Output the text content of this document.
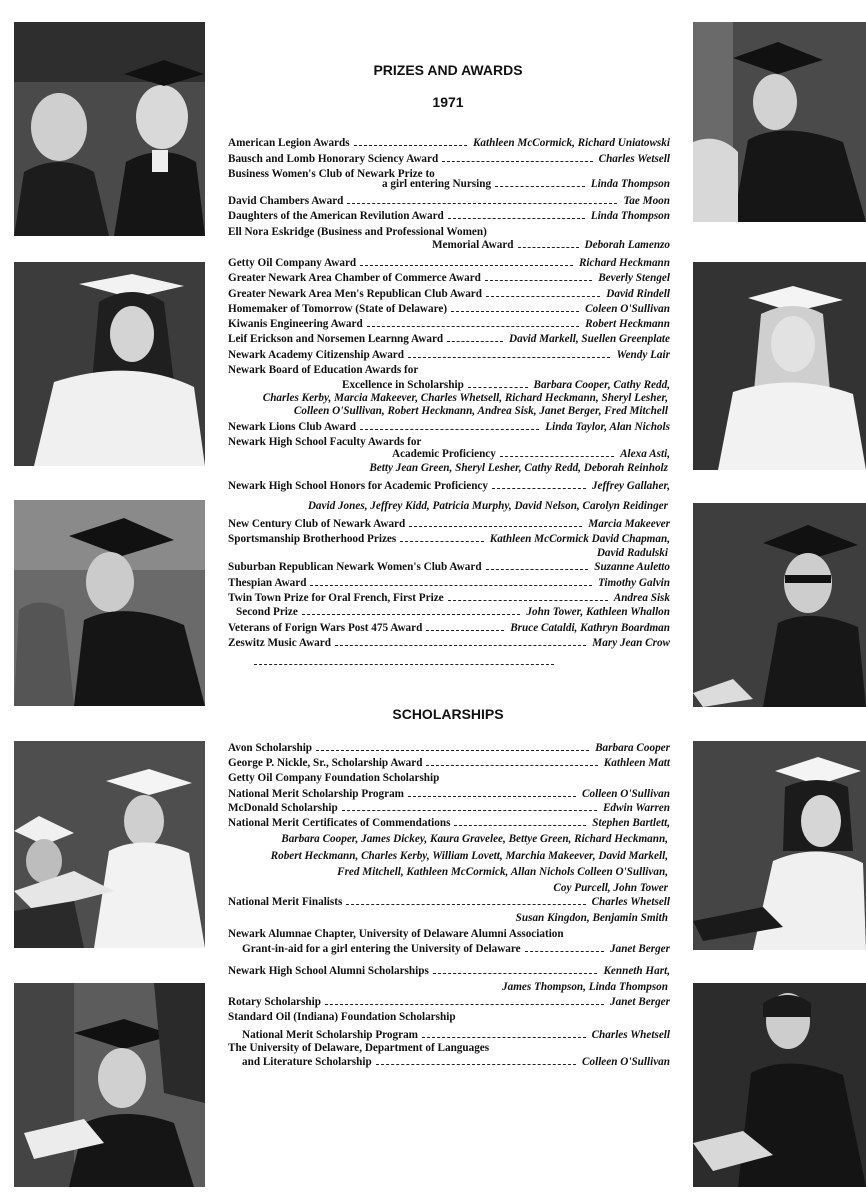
PRIZES AND AWARDS
1971
American Legion Awards	Kathleen McCormick, Richard Uniatowski
Bausch and Lomb Honorary Sciency Award	Charles Wetsell
Business Women's Club of Newark Prize to
a girl entering Nursing	Linda Thompson
David Chambers Award	Tae Moon
Daughters of the American Revilution Award	Linda Thompson
Ell Nora Eskridge (Business and Professional Women)
Memorial Award	Deborah Lamenzo
Getty Oil Company Award	Richard Heckmann
Greater Newark Area Chamber of Commerce Award	Beverly Stengel
Greater Newark Area Men's Republican Club Award	David Rindell
Homemaker of Tomorrow (State of Delaware)	Coleen O'Sullivan
Kiwanis Engineering Award	Robert Heckmann
Leif Erickson and Norsemen Learnng Award	David Markell, Suellen Greenplate
Newark Academy Citizenship Award	Wendy Lair
Newark Board of Education Awards for
Excellence in Scholarship	Barbara Cooper, Cathy Redd,
Charles Kerby, Marcia Makeever, Charles Whetsell, Richard Heckmann, Sheryl Lesher,
Colleen O'Sullivan, Robert Heckmann, Andrea Sisk, Janet Berger, Fred Mitchell
Newark Lions Club Award	Linda Taylor, Alan Nichols
Newark High School Faculty Awards for
Academic Proficiency	Alexa Asti,
Betty Jean Green, Sheryl Lesher, Cathy Redd, Deborah Reinholz
Newark High School Honors for Academic Proficiency	Jeffrey Gallaher,
David Jones, Jeffrey Kidd, Patricia Murphy, David Nelson, Carolyn Reidinger
New Century Club of Newark Award	Marcia Makeever
Sportsmanship Brotherhood Prizes	Kathleen McCormick David Chapman,
David Radulski
Suburban Republican Newark Women's Club Award	Suzanne Auletto
Thespian Award	Timothy Galvin
Twin Town Prize for Oral French, First Prize	Andrea Sisk
Second Prize	John Tower, Kathleen Whallon
Veterans of Forign Wars Post 475 Award	Bruce Cataldi, Kathryn Boardman
Zeswitz Music Award	Mary Jean Crow
SCHOLARSHIPS
Avon Scholarship	Barbara Cooper
George P. Nickle, Sr., Scholarship Award	Kathleen Matt
Getty Oil Company Foundation Scholarship
National Merit Scholarship Program	Colleen O'Sullivan
McDonald Scholarship	Edwin Warren
National Merit Certificates of Commendations	Stephen Bartlett,
Barbara Cooper, James Dickey, Kaura Gravelee, Bettye Green, Richard Heckmann,
Robert Heckmann, Charles Kerby, William Lovett, Marchia Makeever, David Markell,
Fred Mitchell, Kathleen McCormick, Allan Nichols Colleen O'Sullivan,
Coy Purcell, John Tower
National Merit Finalists	Charles Whetsell
Susan Kingdon, Benjamin Smith
Newark Alumnae Chapter, University of Delaware Alumni Association
Grant-in-aid for a girl entering the University of Delaware	Janet Berger
Newark High School Alumni Scholarships	Kenneth Hart,
James Thompson, Linda Thompson
Rotary Scholarship	Janet Berger
Standard Oil (Indiana) Foundation Scholarship
National Merit Scholarship Program	Charles Whetsell
The University of Delaware, Department of Languages
and Literature Scholarship	Colleen O'Sullivan
